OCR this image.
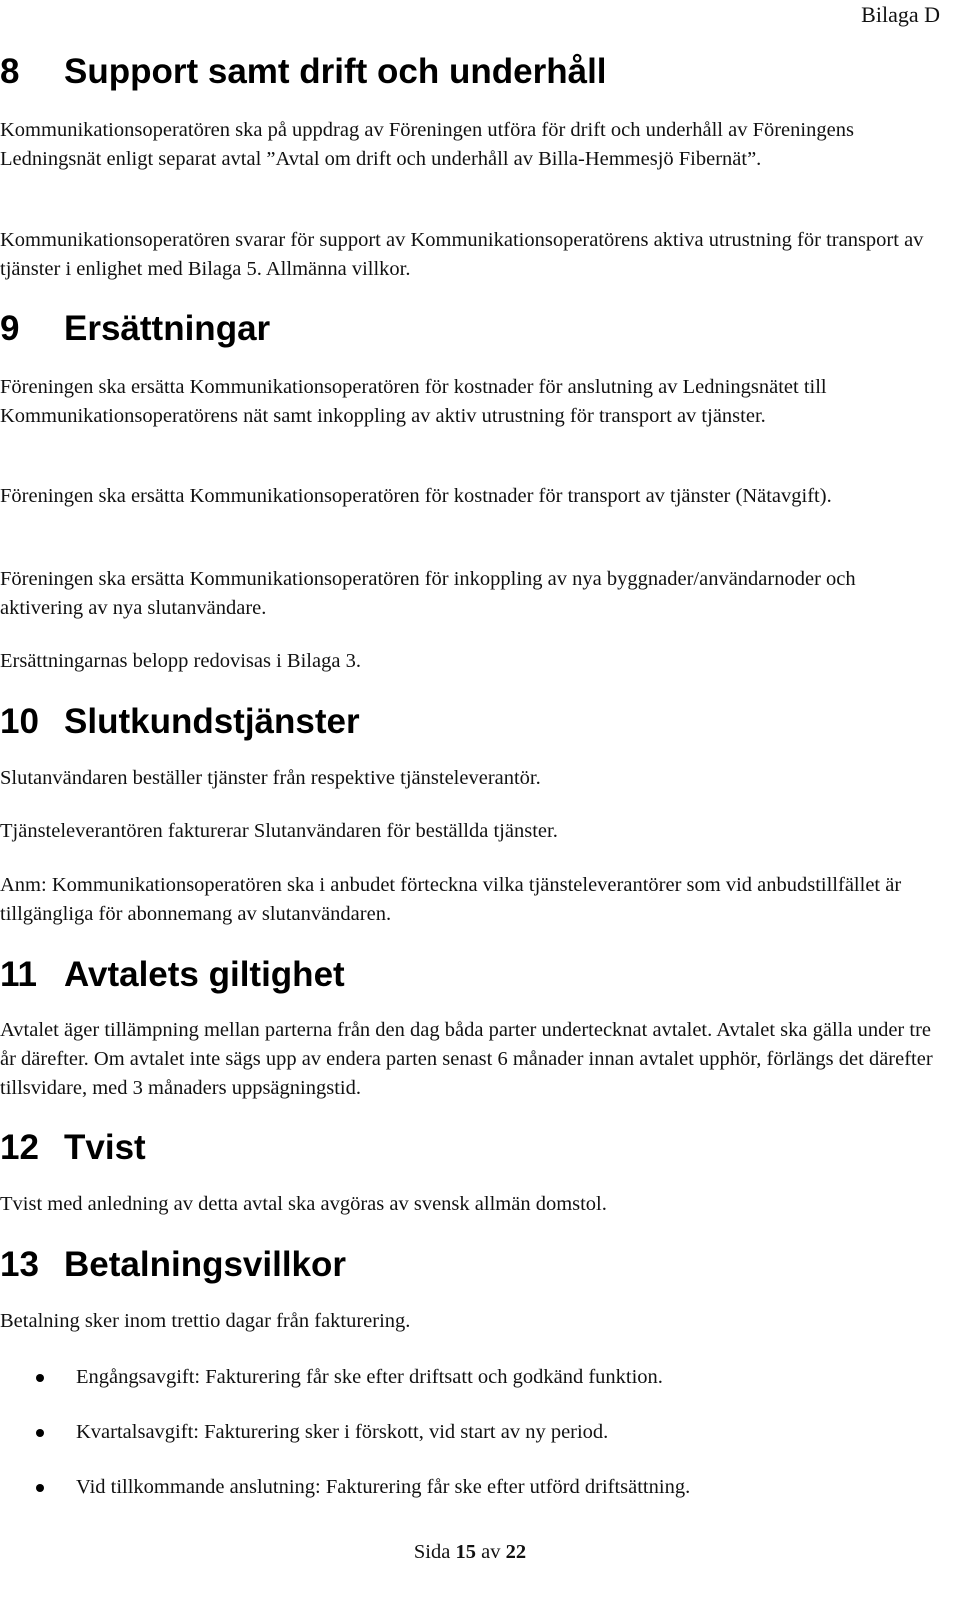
Bilaga D
8 Support samt drift och underhåll

Kommunikationsoperatören ska på uppdrag av Föreningen utföra för drift och underhåll av Föreningens Ledningsnät enligt separat avtal ”Avtal om drift och underhåll av Billa-Hemmesjö Fibernät”.

Kommunikationsoperatören svarar för support av Kommunikationsoperatörens aktiva utrustning för transport av tjänster i enlighet med Bilaga 5. Allmänna villkor.

9 Ersättningar

Föreningen ska ersätta Kommunikationsoperatören för kostnader för anslutning av Ledningsnätet till Kommunikationsoperatörens nät samt inkoppling av aktiv utrustning för transport av tjänster.

Föreningen ska ersätta Kommunikationsoperatören för kostnader för transport av tjänster (Nätavgift).

Föreningen ska ersätta Kommunikationsoperatören för inkoppling av nya byggnader/användarnoder och aktivering av nya slutanvändare.

Ersättningarnas belopp redovisas i Bilaga 3.

10 Slutkundstjänster

Slutanvändaren beställer tjänster från respektive tjänsteleverantör.

Tjänsteleverantören fakturerar Slutanvändaren för beställda tjänster.

Anm: Kommunikationsoperatören ska i anbudet förteckna vilka tjänsteleverantörer som vid anbudstillfället är tillgängliga för abonnemang av slutanvändaren.

11 Avtalets giltighet

Avtalet äger tillämpning mellan parterna från den dag båda parter undertecknat avtalet. Avtalet ska gälla under tre år därefter. Om avtalet inte sägs upp av endera parten senast 6 månader innan avtalet upphör, förlängs det därefter tillsvidare, med 3 månaders uppsägningstid.

12 Tvist

Tvist med anledning av detta avtal ska avgöras av svensk allmän domstol.

13 Betalningsvillkor

Betalning sker inom trettio dagar från fakturering.

Engångsavgift: Fakturering får ske efter driftsatt och godkänd funktion.
Kvartalsavgift: Fakturering sker i förskott, vid start av ny period.
Vid tillkommande anslutning: Fakturering får ske efter utförd driftsättning.
Sida 15 av 22
